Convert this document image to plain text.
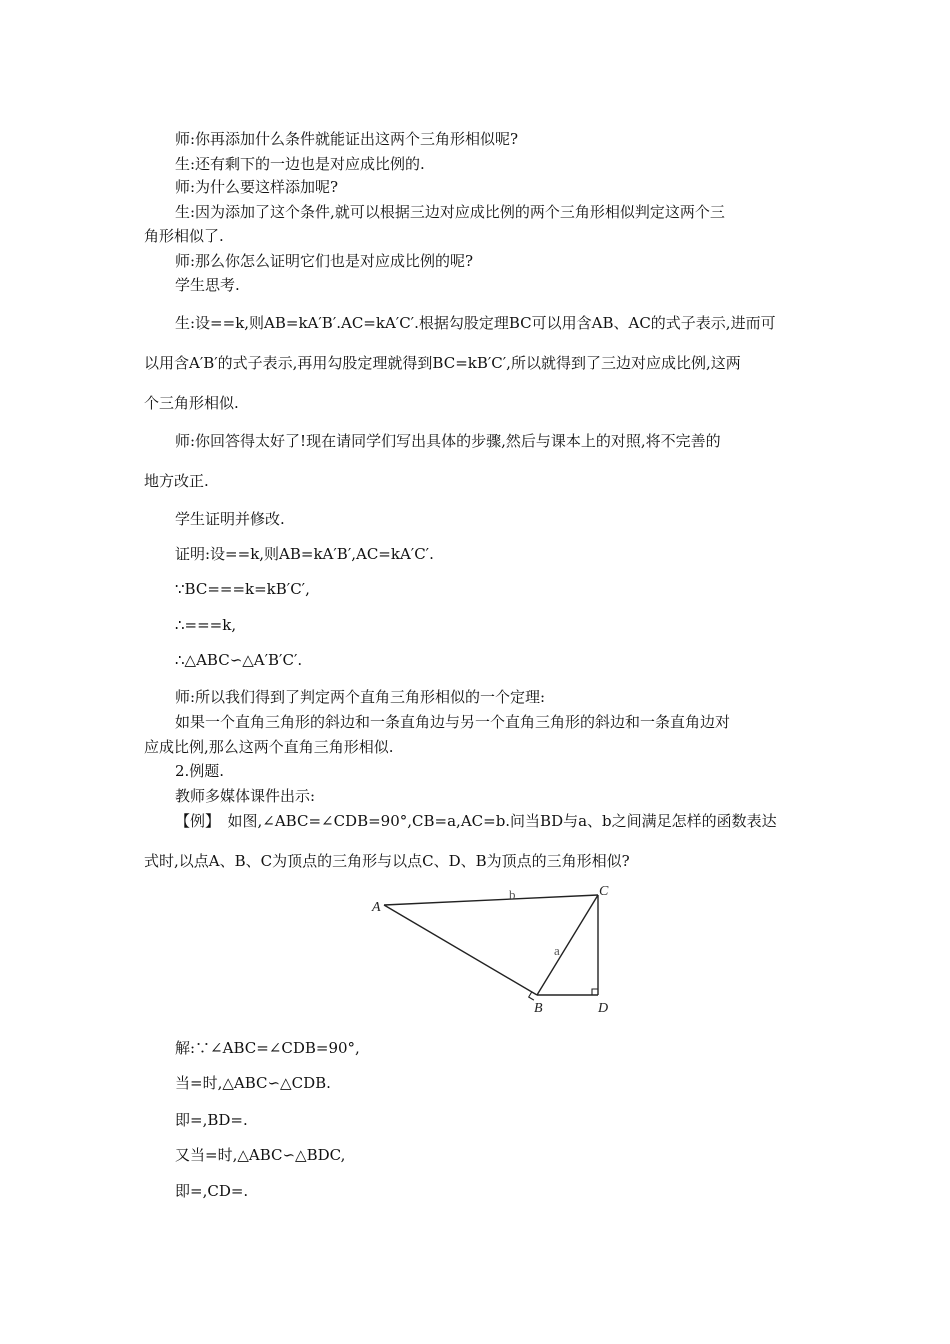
师:你再添加什么条件就能证出这两个三角形相似呢?
生:还有剩下的一边也是对应成比例的.
师:为什么要这样添加呢?
生:因为添加了这个条件,就可以根据三边对应成比例的两个三角形相似判定这两个三
角形相似了.
师:那么你怎么证明它们也是对应成比例的呢?
学生思考.
生:设==k,则AB=kA′B′.AC=kA′C′.根据勾股定理BC可以用含AB、AC的式子表示,进而可
以用含A′B′的式子表示,再用勾股定理就得到BC=kB′C′,所以就得到了三边对应成比例,这两
个三角形相似.
师:你回答得太好了!现在请同学们写出具体的步骤,然后与课本上的对照,将不完善的
地方改正.
学生证明并修改.
证明:设==k,则AB=kA′B′,AC=kA′C′.
∵BC===k=kB′C′,
∴===k,
∴△ABC∽△A′B′C′.
师:所以我们得到了判定两个直角三角形相似的一个定理:
如果一个直角三角形的斜边和一条直角边与另一个直角三角形的斜边和一条直角边对
应成比例,那么这两个直角三角形相似.
2.例题.
教师多媒体课件出示:
【例】　如图,∠ABC=∠CDB=90°,CB=a,AC=b.问当BD与a、b之间满足怎样的函数表达
式时,以点A、B、C为顶点的三角形与以点C、D、B为顶点的三角形相似?
A
C
B	D
b
a
解:∵∠ABC=∠CDB=90°,
当=时,△ABC∽△CDB.
即=,BD=.
又当=时,△ABC∽△BDC,
即=,CD=.
